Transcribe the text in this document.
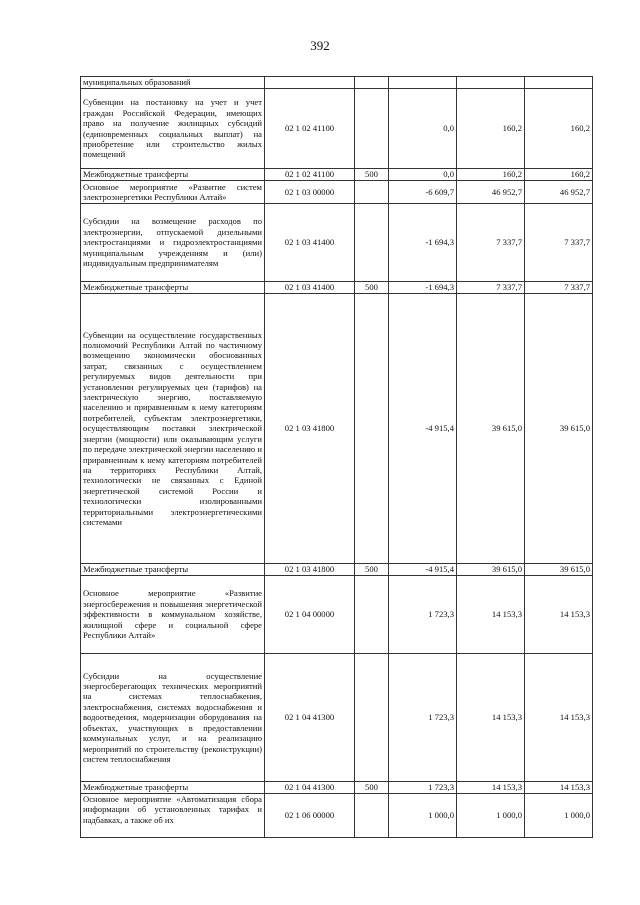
392
муниципальных образований					
Субвенции на постановку на учет и учет граждан Российской Федерации, имеющих право на получение жилищных субсидий (единовременных социальных выплат) на приобретение или строительство жилых помещений	02 1 02 41100		0,0	160,2	160,2
Межбюджетные трансферты	02 1 02 41100	500	0,0	160,2	160,2
Основное мероприятие «Развитие систем электроэнергетики Республики Алтай»	02 1 03 00000		-6 609,7	46 952,7	46 952,7
Субсидии на возмещение расходов по электроэнергии, отпускаемой дизельными электростанциями и гидроэлектростанциями муниципальным учреждениям и (или) индивидуальным предпринимателям	02 1 03 41400		-1 694,3	7 337,7	7 337,7
Межбюджетные трансферты	02 1 03 41400	500	-1 694,3	7 337,7	7 337,7
Субвенции на осуществление государственных полномочий Республики Алтай по частичному возмещению экономически обоснованных затрат, связанных с осуществлением регулируемых видов деятельности при установлении регулируемых цен (тарифов) на электрическую энергию, поставляемую населению и приравненным к нему категориям потребителей, субъектам электроэнергетики, осуществляющим поставки электрической энергии (мощности) или оказывающим услуги по передаче электрической энергии населению и приравненным к нему категориям потребителей на территориях Республики Алтай, технологически не связанных с Единой энергетической системой России и технологически изолированными территориальными электроэнергетическими системами	02 1 03 41800		-4 915,4	39 615,0	39 615,0
Межбюджетные трансферты	02 1 03 41800	500	-4 915,4	39 615,0	39 615,0
Основное мероприятие «Развитие энергосбережения и повышения энергетической эффективности в коммунальном хозяйстве, жилищной сфере и социальной сфере Республики Алтай»	02 1 04 00000		1 723,3	14 153,3	14 153,3
Субсидии на осуществление энергосберегающих технических мероприятий на системах теплоснабжения, электроснабжения, системах водоснабжения и водоотведения, модернизации оборудования на объектах, участвующих в предоставлении коммунальных услуг, и на реализацию мероприятий по строительству (реконструкции) систем теплоснабжения	02 1 04 41300		1 723,3	14 153,3	14 153,3
Межбюджетные трансферты	02 1 04 41300	500	1 723,3	14 153,3	14 153,3
Основное мероприятие «Автоматизация сбора информации об установленных тарифах и надбавках, а также об их	02 1 06 00000		1 000,0	1 000,0	1 000,0
